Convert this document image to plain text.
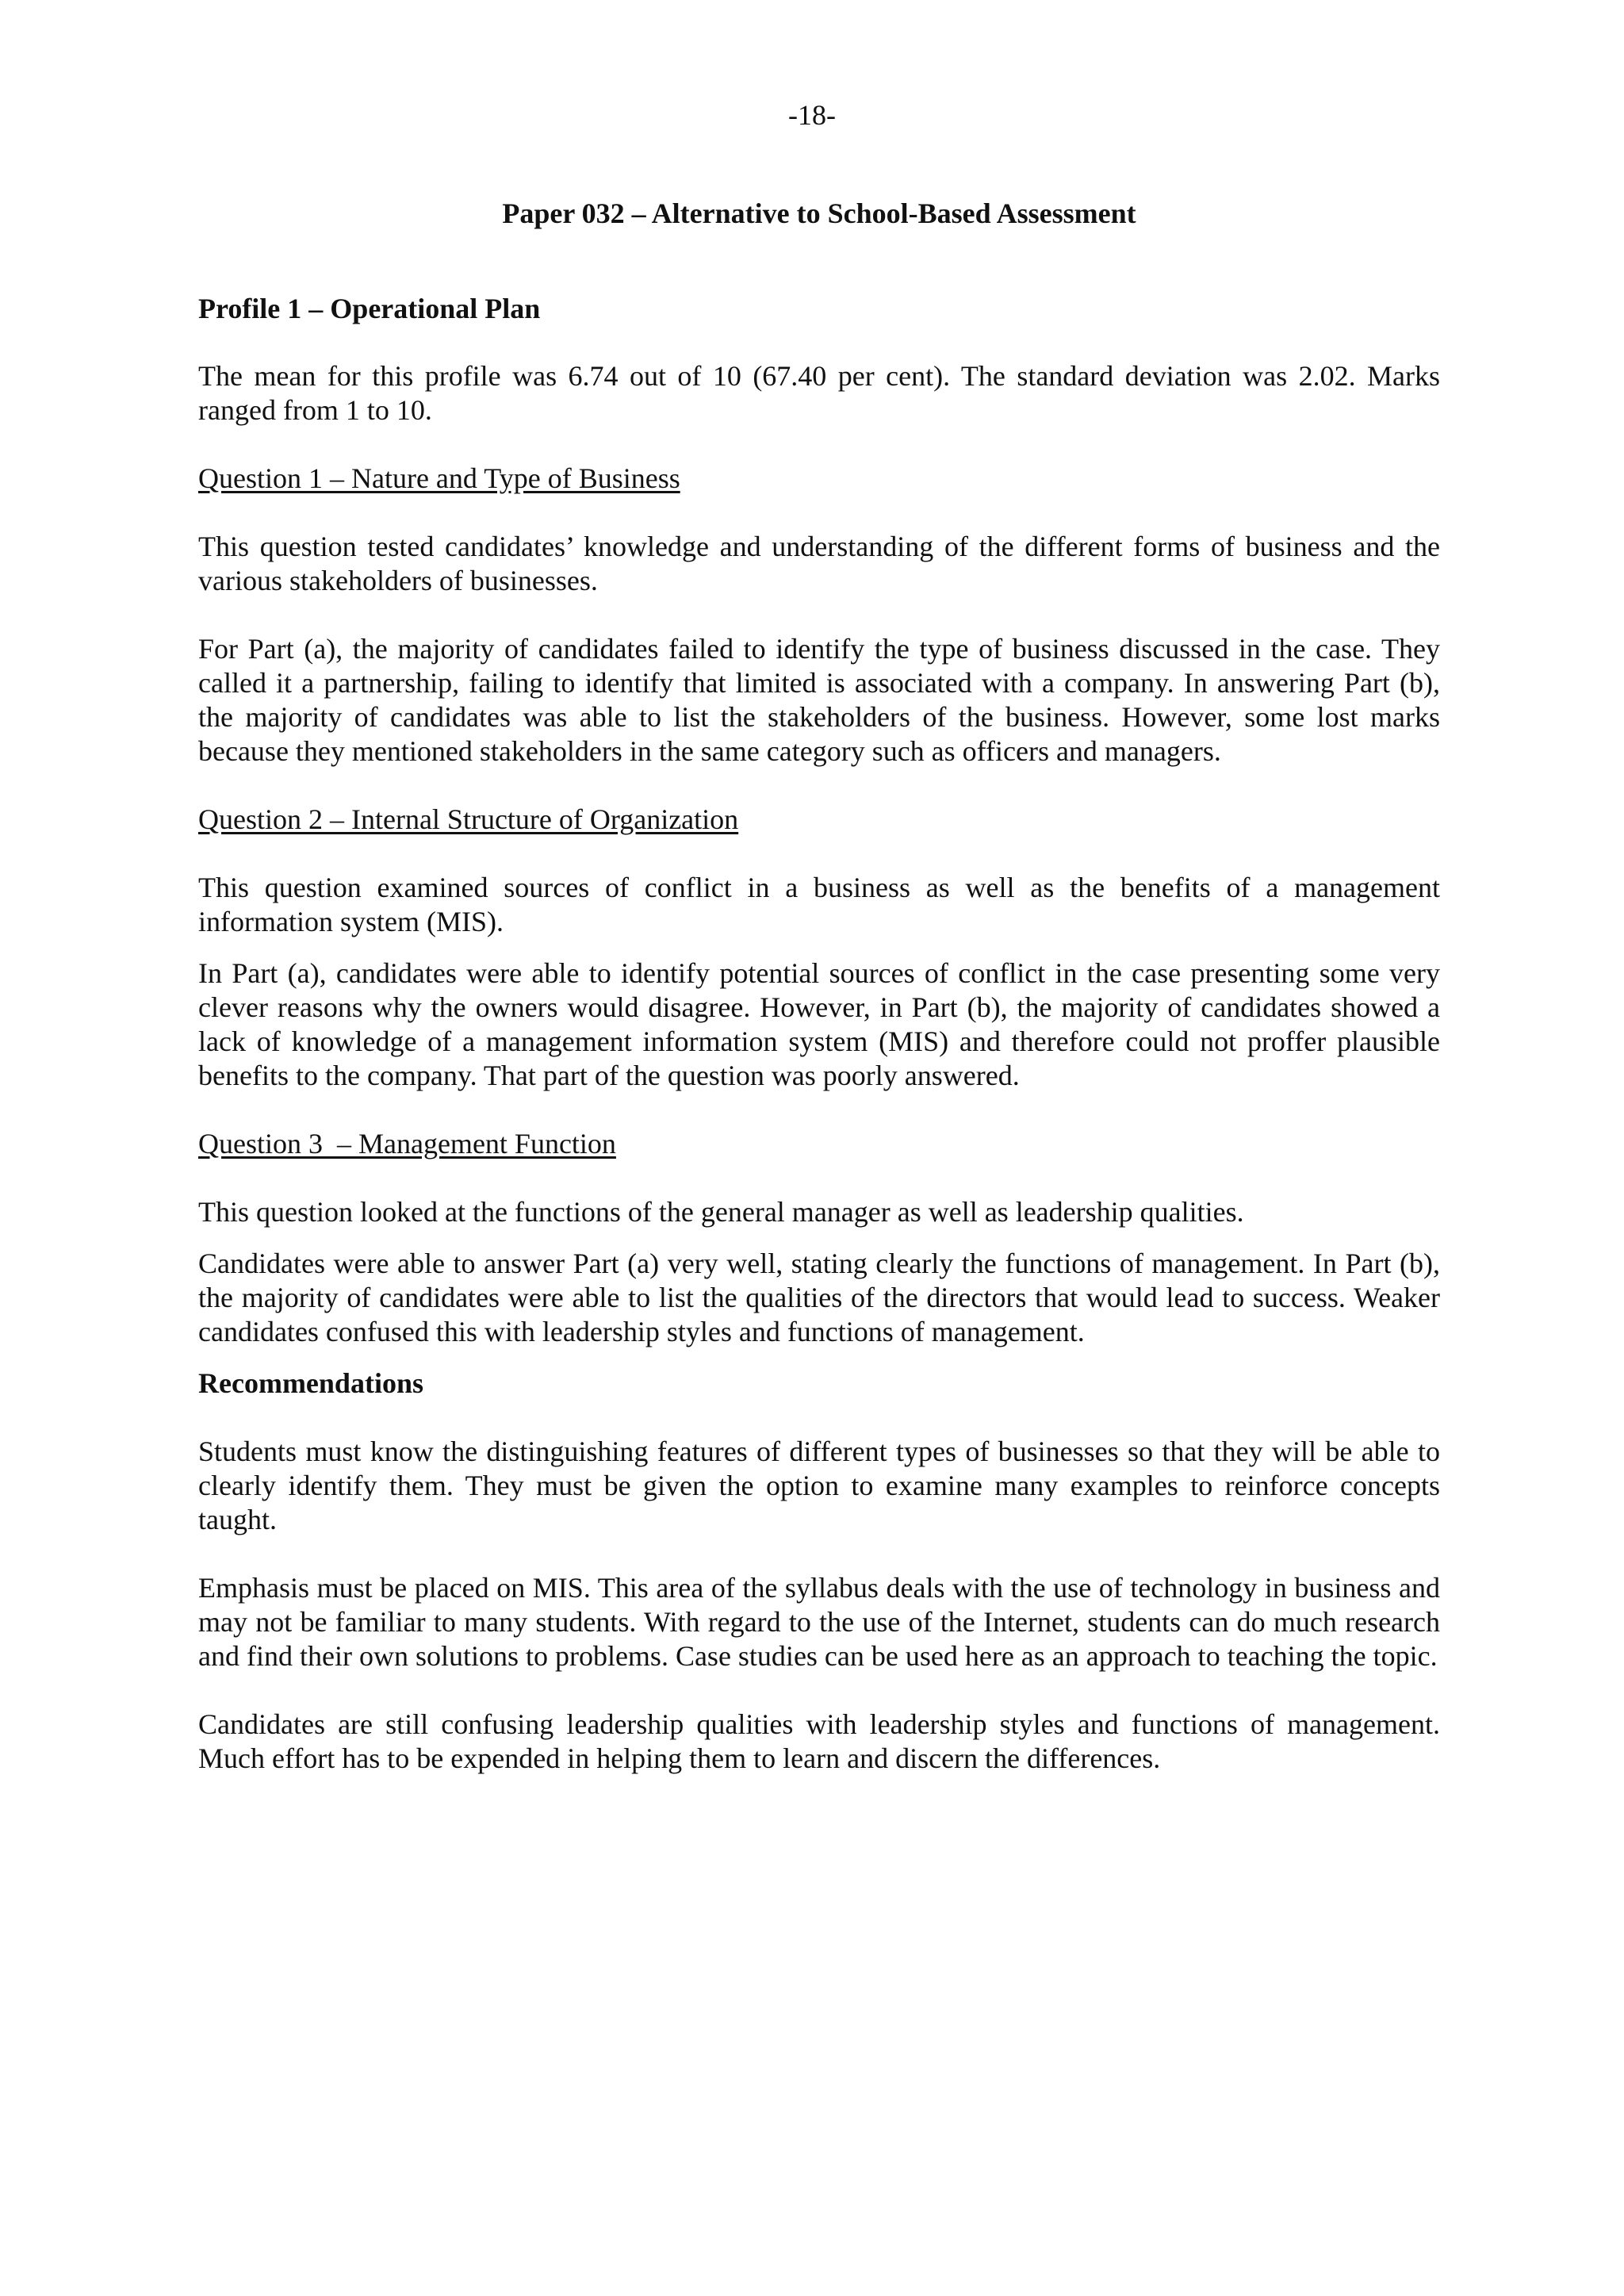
-18-
Paper 032 – Alternative to School-Based Assessment
Profile 1 – Operational Plan

The mean for this profile was 6.74 out of 10 (67.40 per cent). The standard deviation was 2.02. Marks ranged from 1 to 10.

Question 1 – Nature and Type of Business

This question tested candidates’ knowledge and understanding of the different forms of business and the various stakeholders of businesses.

For Part (a), the majority of candidates failed to identify the type of business discussed in the case. They called it a partnership, failing to identify that limited is associated with a company. In answering Part (b), the majority of candidates was able to list the stakeholders of the business. However, some lost marks because they mentioned stakeholders in the same category such as officers and managers.

Question 2 – Internal Structure of Organization

This question examined sources of conflict in a business as well as the benefits of a management information system (MIS).

In Part (a), candidates were able to identify potential sources of conflict in the case presenting some very clever reasons why the owners would disagree. However, in Part (b), the majority of candidates showed a lack of knowledge of a management information system (MIS) and therefore could not proffer plausible benefits to the company. That part of the question was poorly answered.

Question 3  – Management Function

This question looked at the functions of the general manager as well as leadership qualities.

Candidates were able to answer Part (a) very well, stating clearly the functions of management. In Part (b), the majority of candidates were able to list the qualities of the directors that would lead to success. Weaker candidates confused this with leadership styles and functions of management.

Recommendations

Students must know the distinguishing features of different types of businesses so that they will be able to clearly identify them. They must be given the option to examine many examples to reinforce concepts taught.

Emphasis must be placed on MIS. This area of the syllabus deals with the use of technology in business and may not be familiar to many students. With regard to the use of the Internet, students can do much research and find their own solutions to problems. Case studies can be used here as an approach to teaching the topic.

Candidates are still confusing leadership qualities with leadership styles and functions of management. Much effort has to be expended in helping them to learn and discern the differences.
